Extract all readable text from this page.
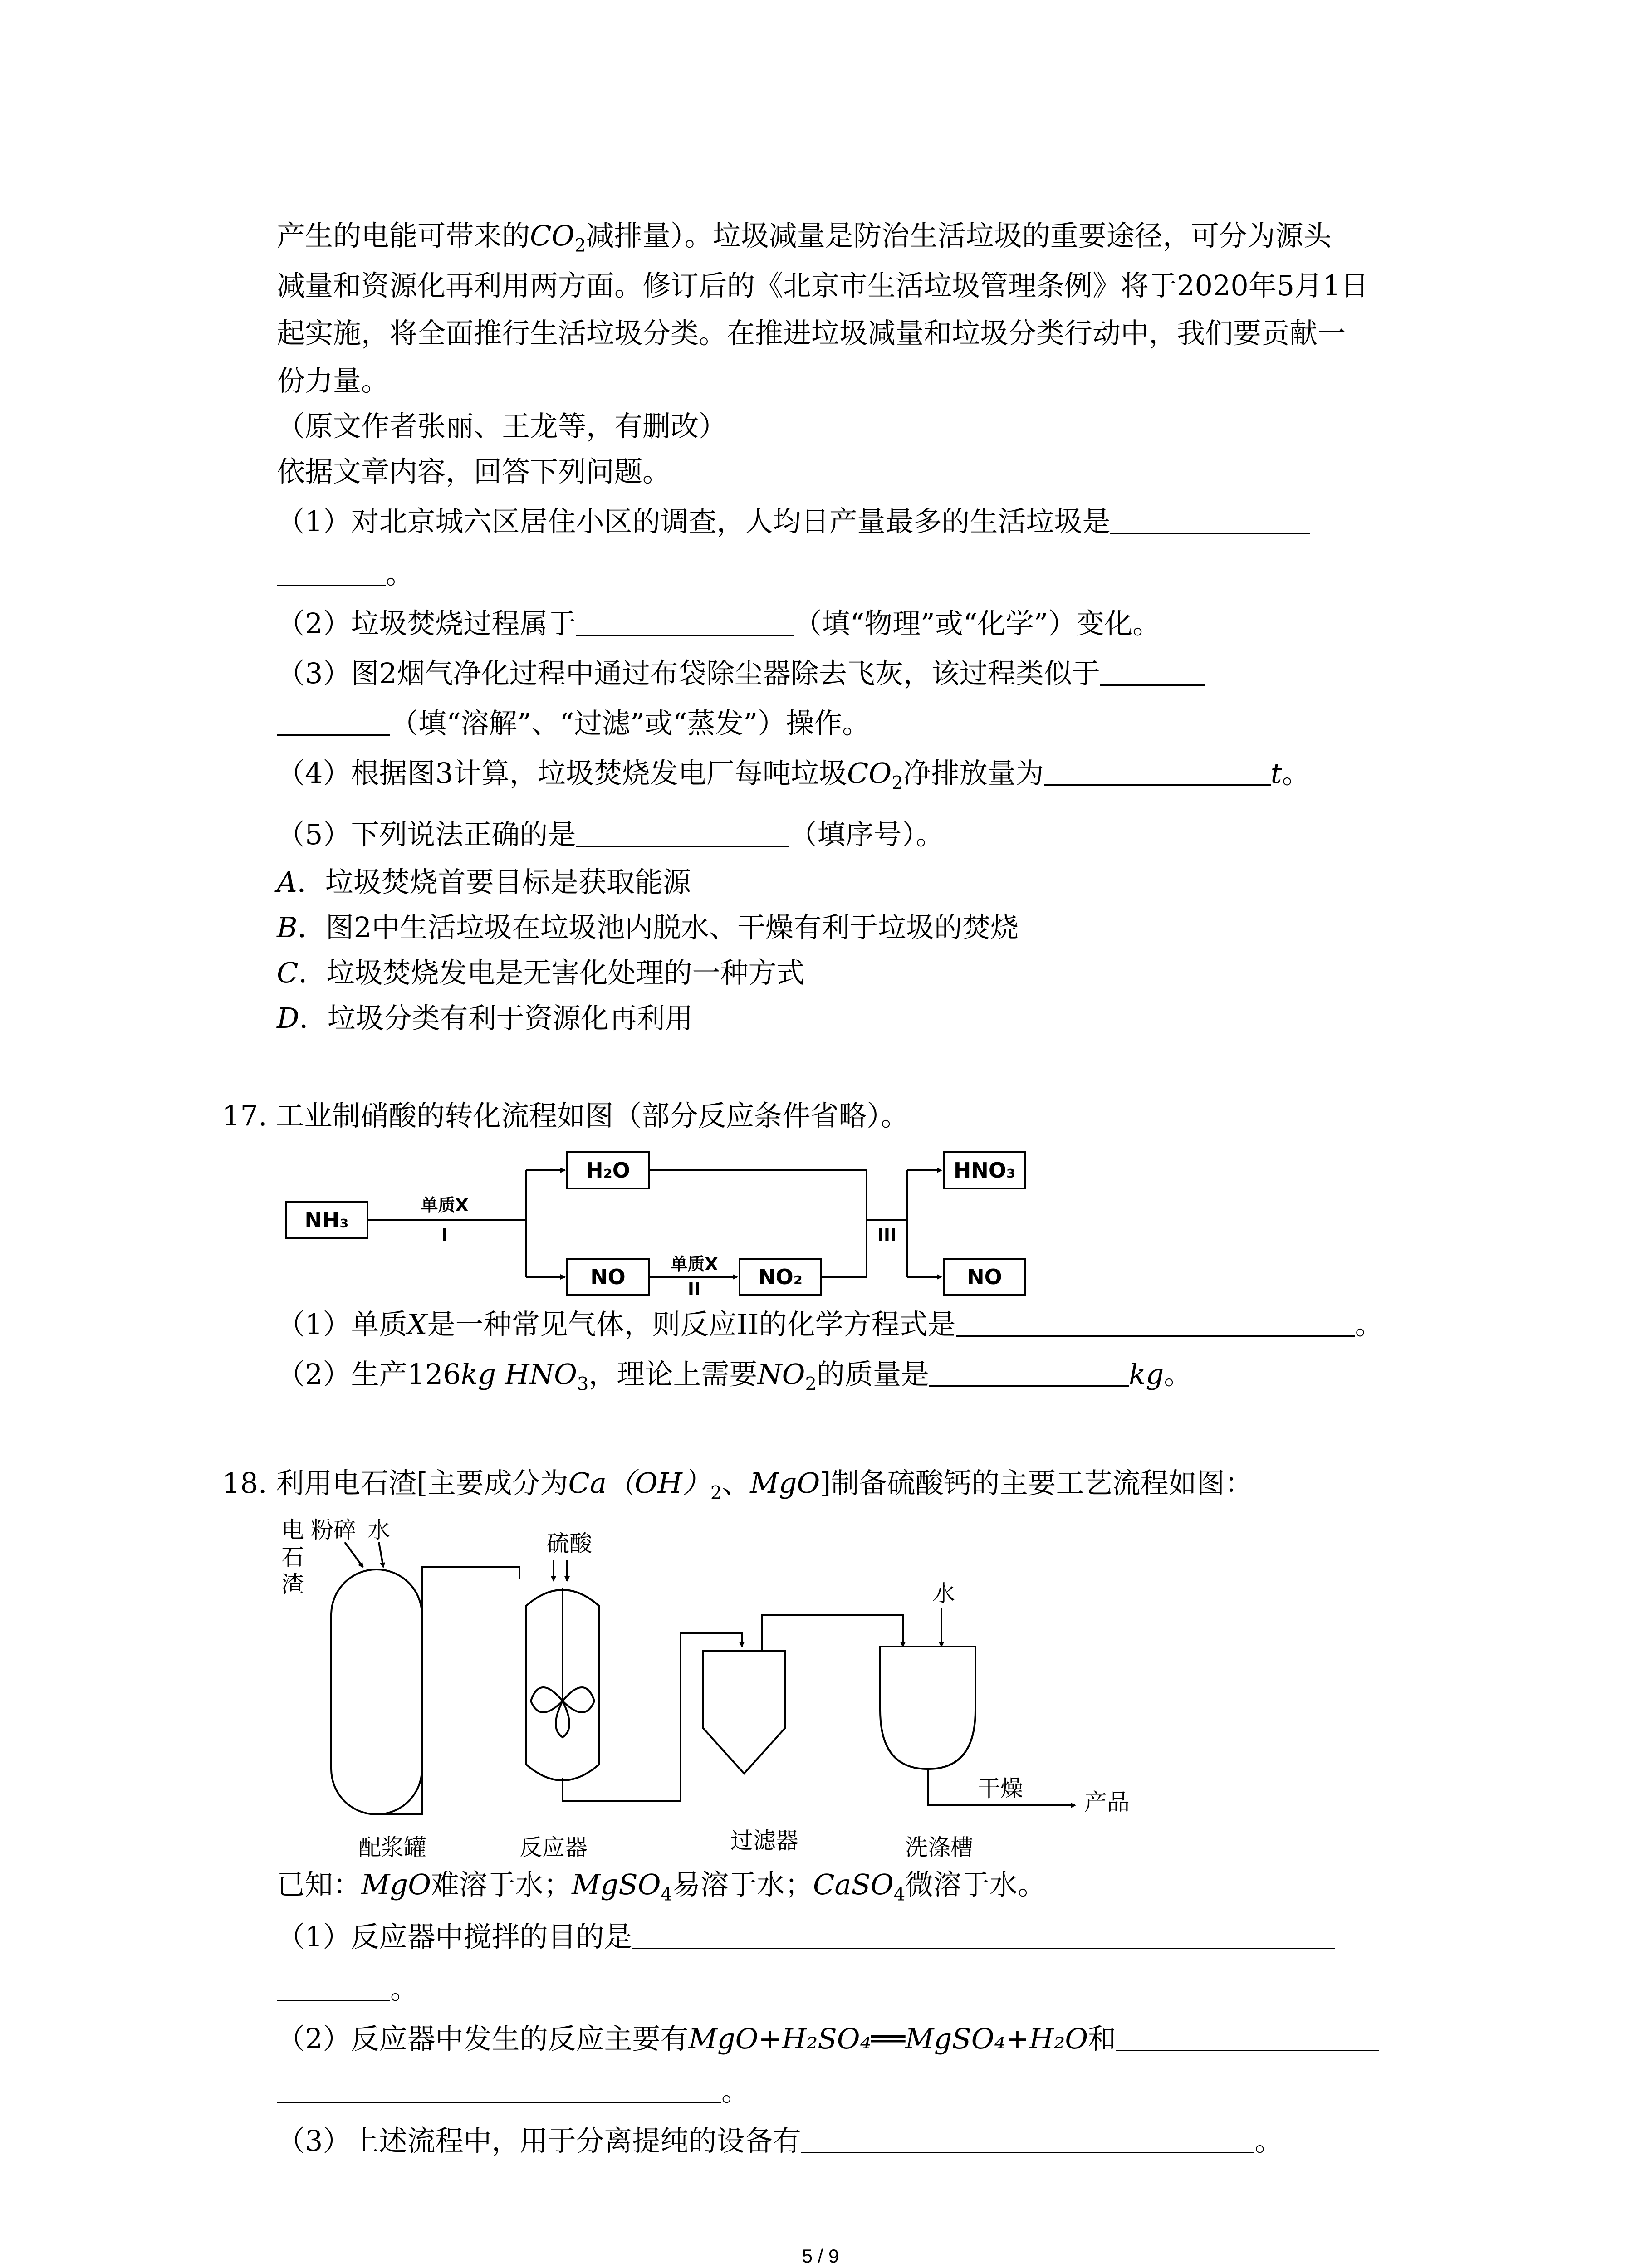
产生的电能可带来的$CO_2$减排量）。垃圾减量是防治生活垃圾的重要途径，可分为源头
减量和资源化再利用两方面。修订后的《北京市生活垃圾管理条例》将于2020年5月1日
起实施，将全面推行生活垃圾分类。在推进垃圾减量和垃圾分类行动中，我们要贡献一
份力量。
（原文作者张丽、王龙等，有删改）
依据文章内容，回答下列问题。
（1）对北京城六区居住小区的调查，人均日产量最多的生活垃圾是
。
（2）垃圾焚烧过程属于	（填“物理”或“化学”）变化。
（3）图2烟气净化过程中通过布袋除尘器除去飞灰，该过程类似于
（填“溶解”、“过滤”或“蒸发”）操作。
（4）根据图3计算，垃圾焚烧发电厂每吨垃圾$CO_2$净排放量为	t。
（5）下列说法正确的是	（填序号）。
A．垃圾焚烧首要目标是获取能源
B．图2中生活垃圾在垃圾池内脱水、干燥有利于垃圾的焚烧
C．垃圾焚烧发电是无害化处理的一种方式
D．垃圾分类有利于资源化再利用
17. 工业制硝酸的转化流程如图（部分反应条件省略）。
NH₃
H₂O
NO	NO₂
HNO₃
NO
单质X
I
单质X
II
III
（1）单质X是一种常见气体，则反应II的化学方程式是	。
（2）生产126kg $HNO_3$，理论上需要$NO_2$的质量是	kg。
18. 利用电石渣[主要成分为$Ca(OH)_2$、MgO]制备硫酸钙的主要工艺流程如图：
电
石
渣
粉碎 水
硫酸
水
干燥
产品
配浆罐	反应器	过滤器	洗涤槽
已知：MgO难溶于水；MgSO$_4$易溶于水；CaSO$_4$微溶于水。
（1）反应器中搅拌的目的是
。
（2）反应器中发生的反应主要有MgO+H₂SO₄══MgSO₄+H₂O和
。
（3）上述流程中，用于分离提纯的设备有	。
5 / 9
